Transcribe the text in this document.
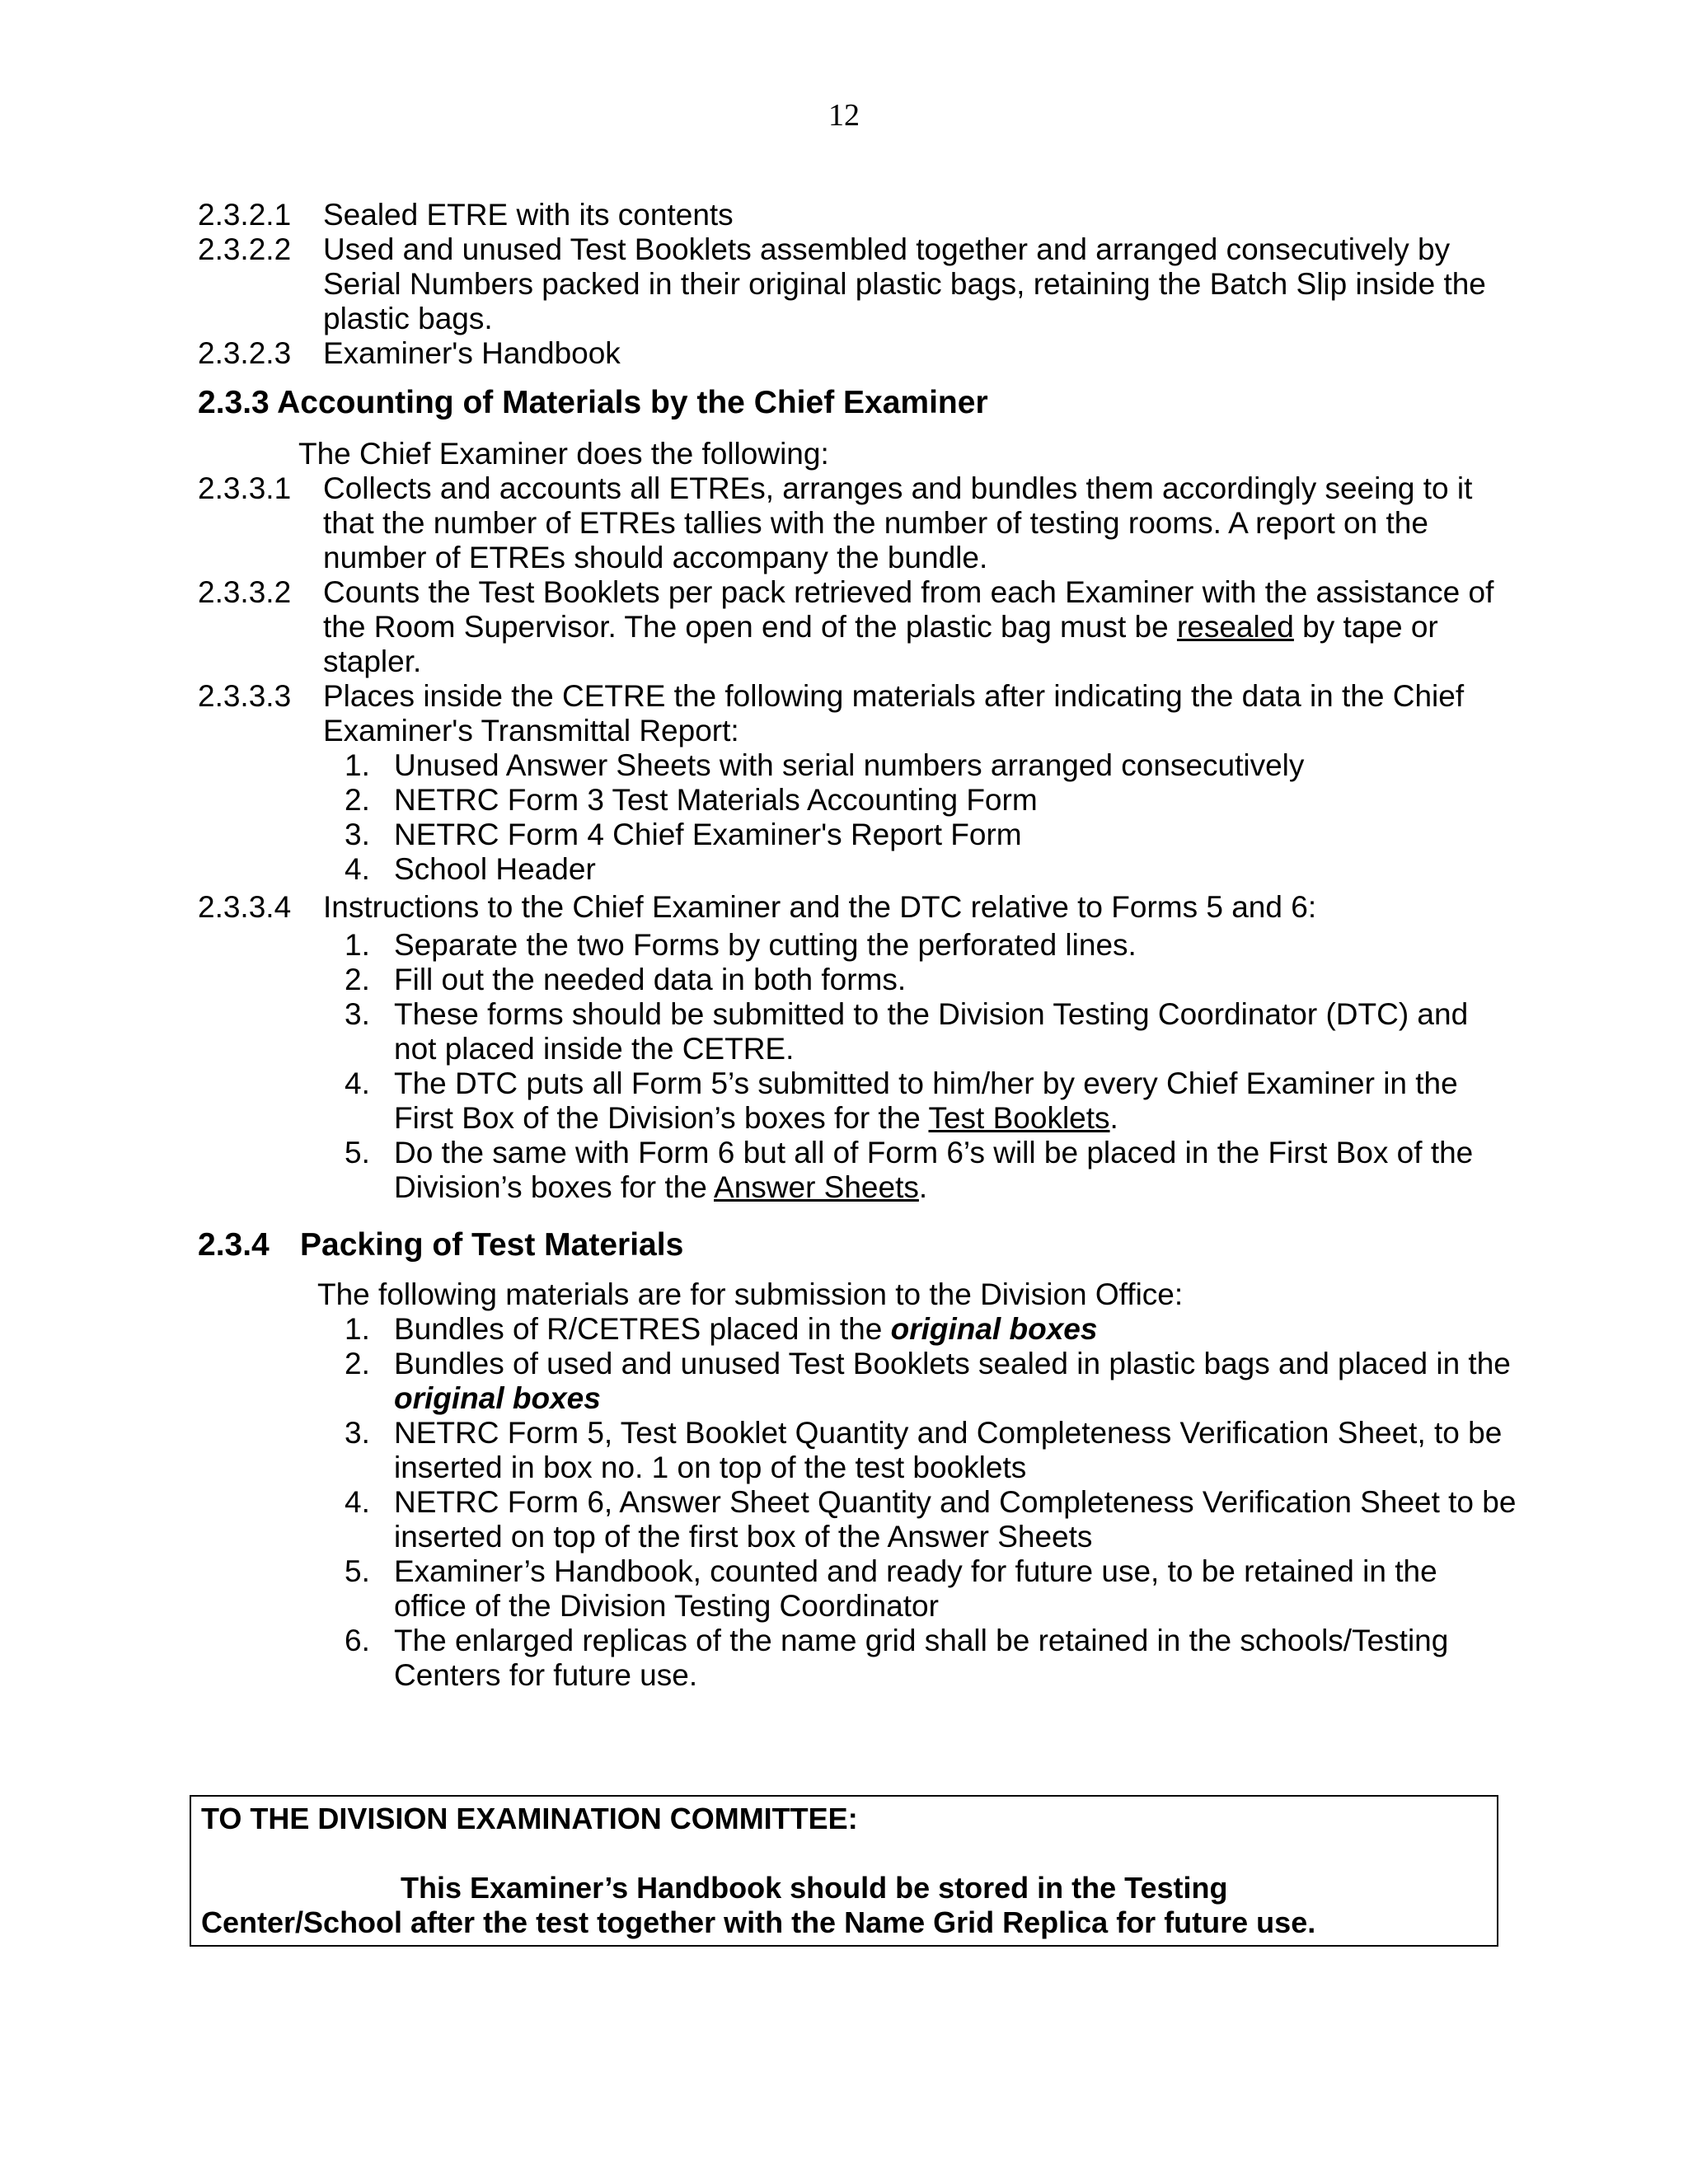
12
2.3.2.1	Sealed ETRE with its contents
2.3.2.2	Used and unused Test Booklets assembled together and arranged consecutively by Serial Numbers packed in their original plastic bags, retaining the Batch Slip inside the plastic bags.
2.3.2.3	Examiner's Handbook
2.3.3 Accounting of Materials by the Chief Examiner
The Chief Examiner does the following:
2.3.3.1	Collects and accounts all ETREs, arranges and bundles them accordingly seeing to it that the number of ETREs tallies with the number of testing rooms. A report on the number of ETREs should accompany the bundle.
2.3.3.2	Counts the Test Booklets per pack retrieved from each Examiner with the assistance of the Room Supervisor. The open end of the plastic bag must be resealed by tape or stapler.
2.3.3.3	Places inside the CETRE the following materials after indicating the data in the Chief Examiner's Transmittal Report:
1. Unused Answer Sheets with serial numbers arranged consecutively
2. NETRC Form 3 Test Materials Accounting Form
3. NETRC Form 4 Chief Examiner's Report Form
4. School Header
2.3.3.4	Instructions to the Chief Examiner and the DTC relative to Forms 5 and 6:
1. Separate the two Forms by cutting the perforated lines.
2. Fill out the needed data in both forms.
3. These forms should be submitted to the Division Testing Coordinator (DTC) and not placed inside the CETRE.
4. The DTC puts all Form 5’s submitted to him/her by every Chief Examiner in the First Box of the Division’s boxes for the Test Booklets.
5. Do the same with Form 6 but all of Form 6’s will be placed in the First Box of the Division’s boxes for the Answer Sheets.
2.3.4 Packing of Test Materials
The following materials are for submission to the Division Office:
1. Bundles of R/CETRES placed in the original boxes
2. Bundles of used and unused Test Booklets sealed in plastic bags and placed in the original boxes
3. NETRC Form 5, Test Booklet Quantity and Completeness Verification Sheet, to be inserted in box no. 1 on top of the test booklets
4. NETRC Form 6, Answer Sheet Quantity and Completeness Verification Sheet to be inserted on top of the first box of the Answer Sheets
5. Examiner’s Handbook, counted and ready for future use, to be retained in the office of the Division Testing Coordinator
6. The enlarged replicas of the name grid shall be retained in the schools/Testing Centers for future use.
TO THE DIVISION EXAMINATION COMMITTEE:
This Examiner’s Handbook should be stored in the Testing
Center/School after the test together with the Name Grid Replica for future use.
